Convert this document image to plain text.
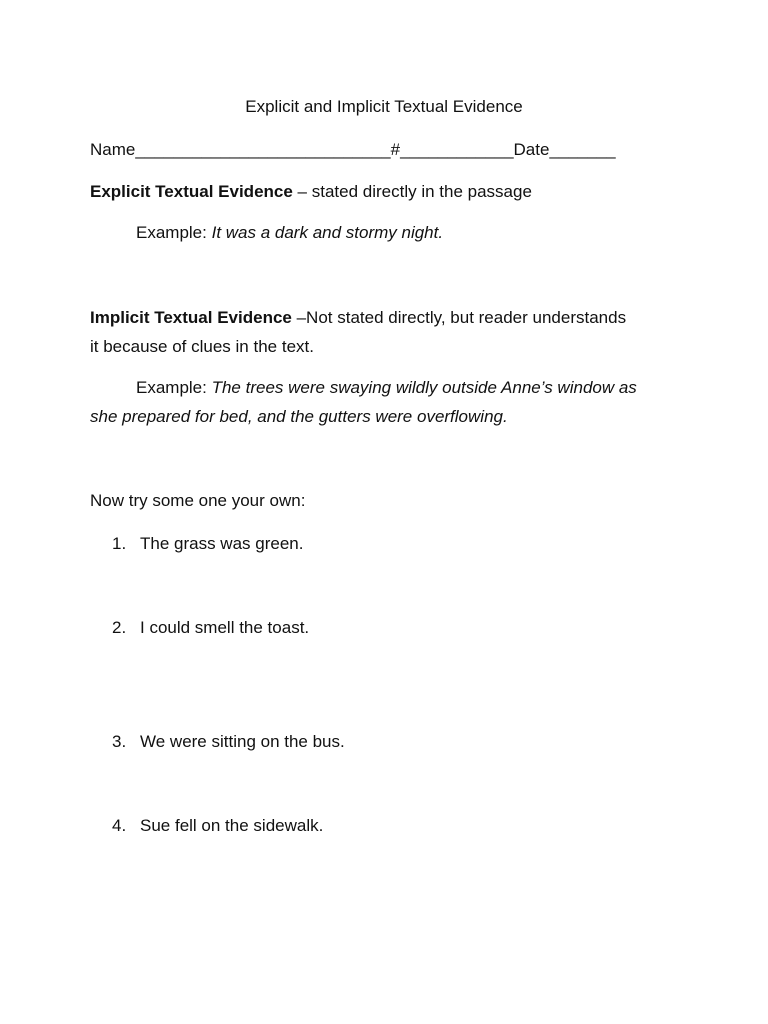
Explicit and Implicit Textual Evidence
Name___________________________#____________Date_______
Explicit Textual Evidence – stated directly in the passage
Example: It was a dark and stormy night.
Implicit Textual Evidence –Not stated directly, but reader understands
it because of clues in the text.
Example: The trees were swaying wildly outside Anne’s window as
she prepared for bed, and the gutters were overflowing.
Now try some one your own:
1. The grass was green.
2. I could smell the toast.
3. We were sitting on the bus.
4. Sue fell on the sidewalk.
